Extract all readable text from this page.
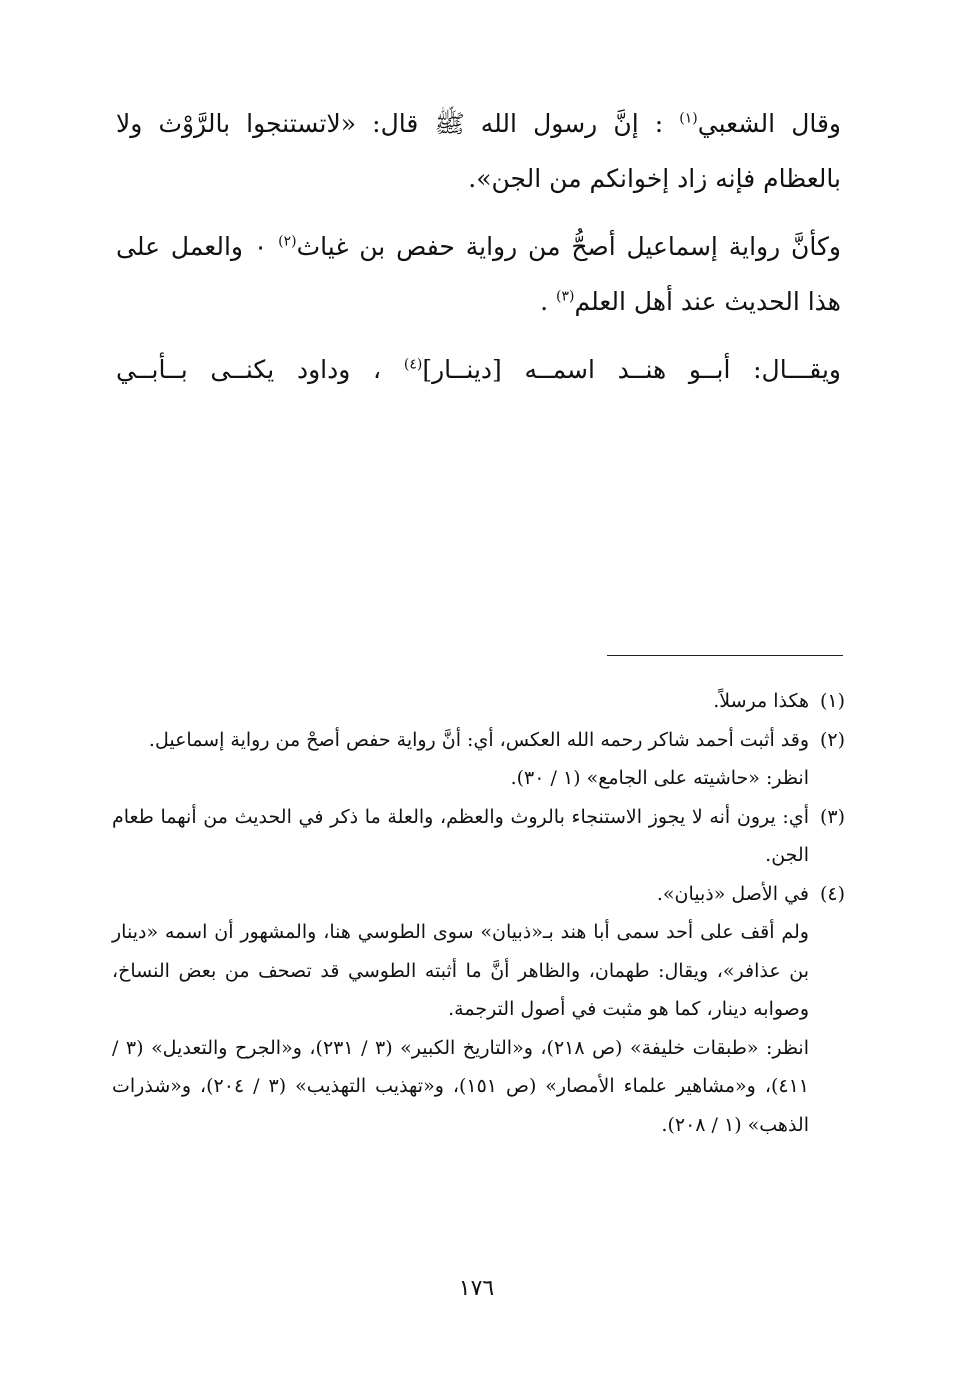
وقال الشعبي$^{(١)}$ : إنَّ رسول الله ﷺ قال: «لاتستنجوا بالرَّوْث ولا بالعظام فإنه زاد إخوانكم من الجن».

وكأنَّ رواية إسماعيل أصحُّ من رواية حفص بن غياث$^{(٢)}$ ٠ والعمل على هذا الحديث عند أهل العلم$^{(٣)}$ .

ويقـــال: أبــو هنــد اسمــه [دينــار]$^{(٤)}$ ، وداود يكنــى بــأبــي

(١)
هكذا مرسلاً.
(٢)
وقد أثبت أحمد شاكر رحمه الله العكس، أي: أنَّ رواية حفص أصحْ من رواية إسماعيل.
انظر: «حاشيته على الجامع» (١ / ٣٠).
(٣)
أي: يرون أنه لا يجوز الاستنجاء بالروث والعظم، والعلة ما ذكر في الحديث من أنهما طعام الجن.
(٤)
في الأصل «ذبيان».
ولم أقف على أحد سمى أبا هند بـ«ذبيان» سوى الطوسي هنا، والمشهور أن اسمه «دينار بن عذافر»، ويقال: طهمان، والظاهر أنَّ ما أثبته الطوسي قد تصحف من بعض النساخ، وصوابه دينار، كما هو مثبت في أصول الترجمة.
انظر: «طبقات خليفة» (ص ٢١٨)، و«التاريخ الكبير» (٣ / ٢٣١)، و«الجرح والتعديل» (٣ / ٤١١)، و«مشاهير علماء الأمصار» (ص ١٥١)، و«تهذيب التهذيب» (٣ / ٢٠٤)، و«شذرات الذهب» (١ / ٢٠٨).
١٧٦
